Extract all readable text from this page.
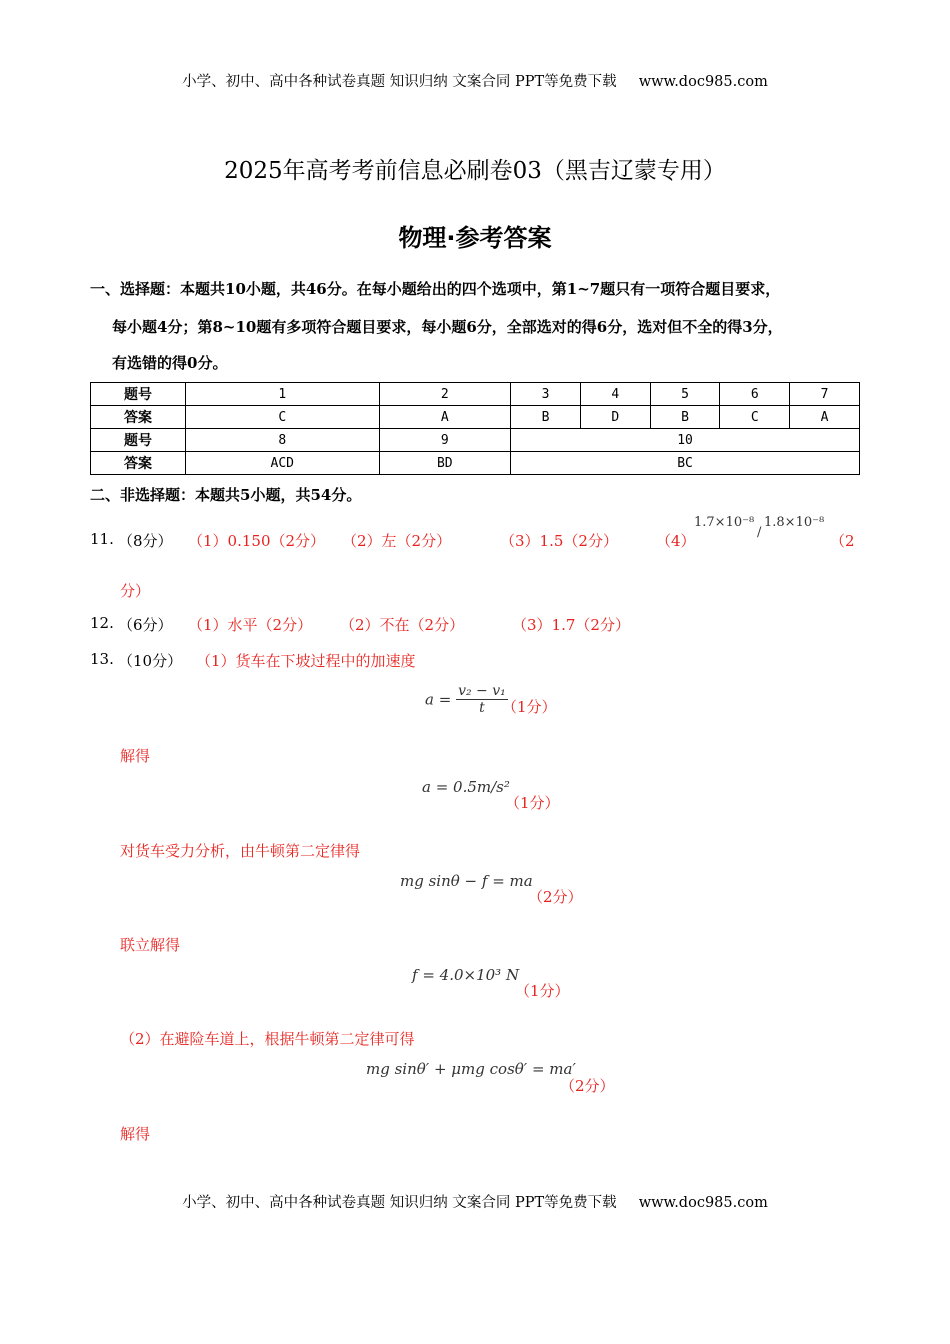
小学、初中、高中各种试卷真题 知识归纳 文案合同 PPT等免费下载 www.doc985.com
2025年高考考前信息必刷卷03（黑吉辽蒙专用）
物理·参考答案
一、选择题：本题共10小题，共46分。在每小题给出的四个选项中，第1~7题只有一项符合题目要求，
每小题4分；第8~10题有多项符合题目要求，每小题6分，全部选对的得6分，选对但不全的得3分，
有选错的得0分。
题号	1	2	3	4	5	6	7
答案	C	A	B	D	B	C	A
题号	8	9	10				
答案	ACD	BD	BC				
二、非选择题：本题共5小题，共54分。
11. （8分） （1）0.150（2分） （2）左（2分）	（3）1.5（2分）	（4）
1.7×10⁻⁸
/
1.8×10⁻⁸
（2
分）
12. （6分） （1）水平（2分） （2）不在（2分）	（3）1.7（2分）
13. （10分） （1）货车在下坡过程中的加速度
$a = \frac{\text{v₂ − v₁}}{t}$
（1分）
解得
a = 0.5m/s²
（1分）
对货车受力分析，由牛顿第二定律得
mg sinθ − f = ma
（2分）
联立解得
f = 4.0×10³ N
（1分）
（2）在避险车道上，根据牛顿第二定律可得
mg sinθ′ + μmg cosθ′ = ma′
（2分）
解得
小学、初中、高中各种试卷真题 知识归纳 文案合同 PPT等免费下载 www.doc985.com
